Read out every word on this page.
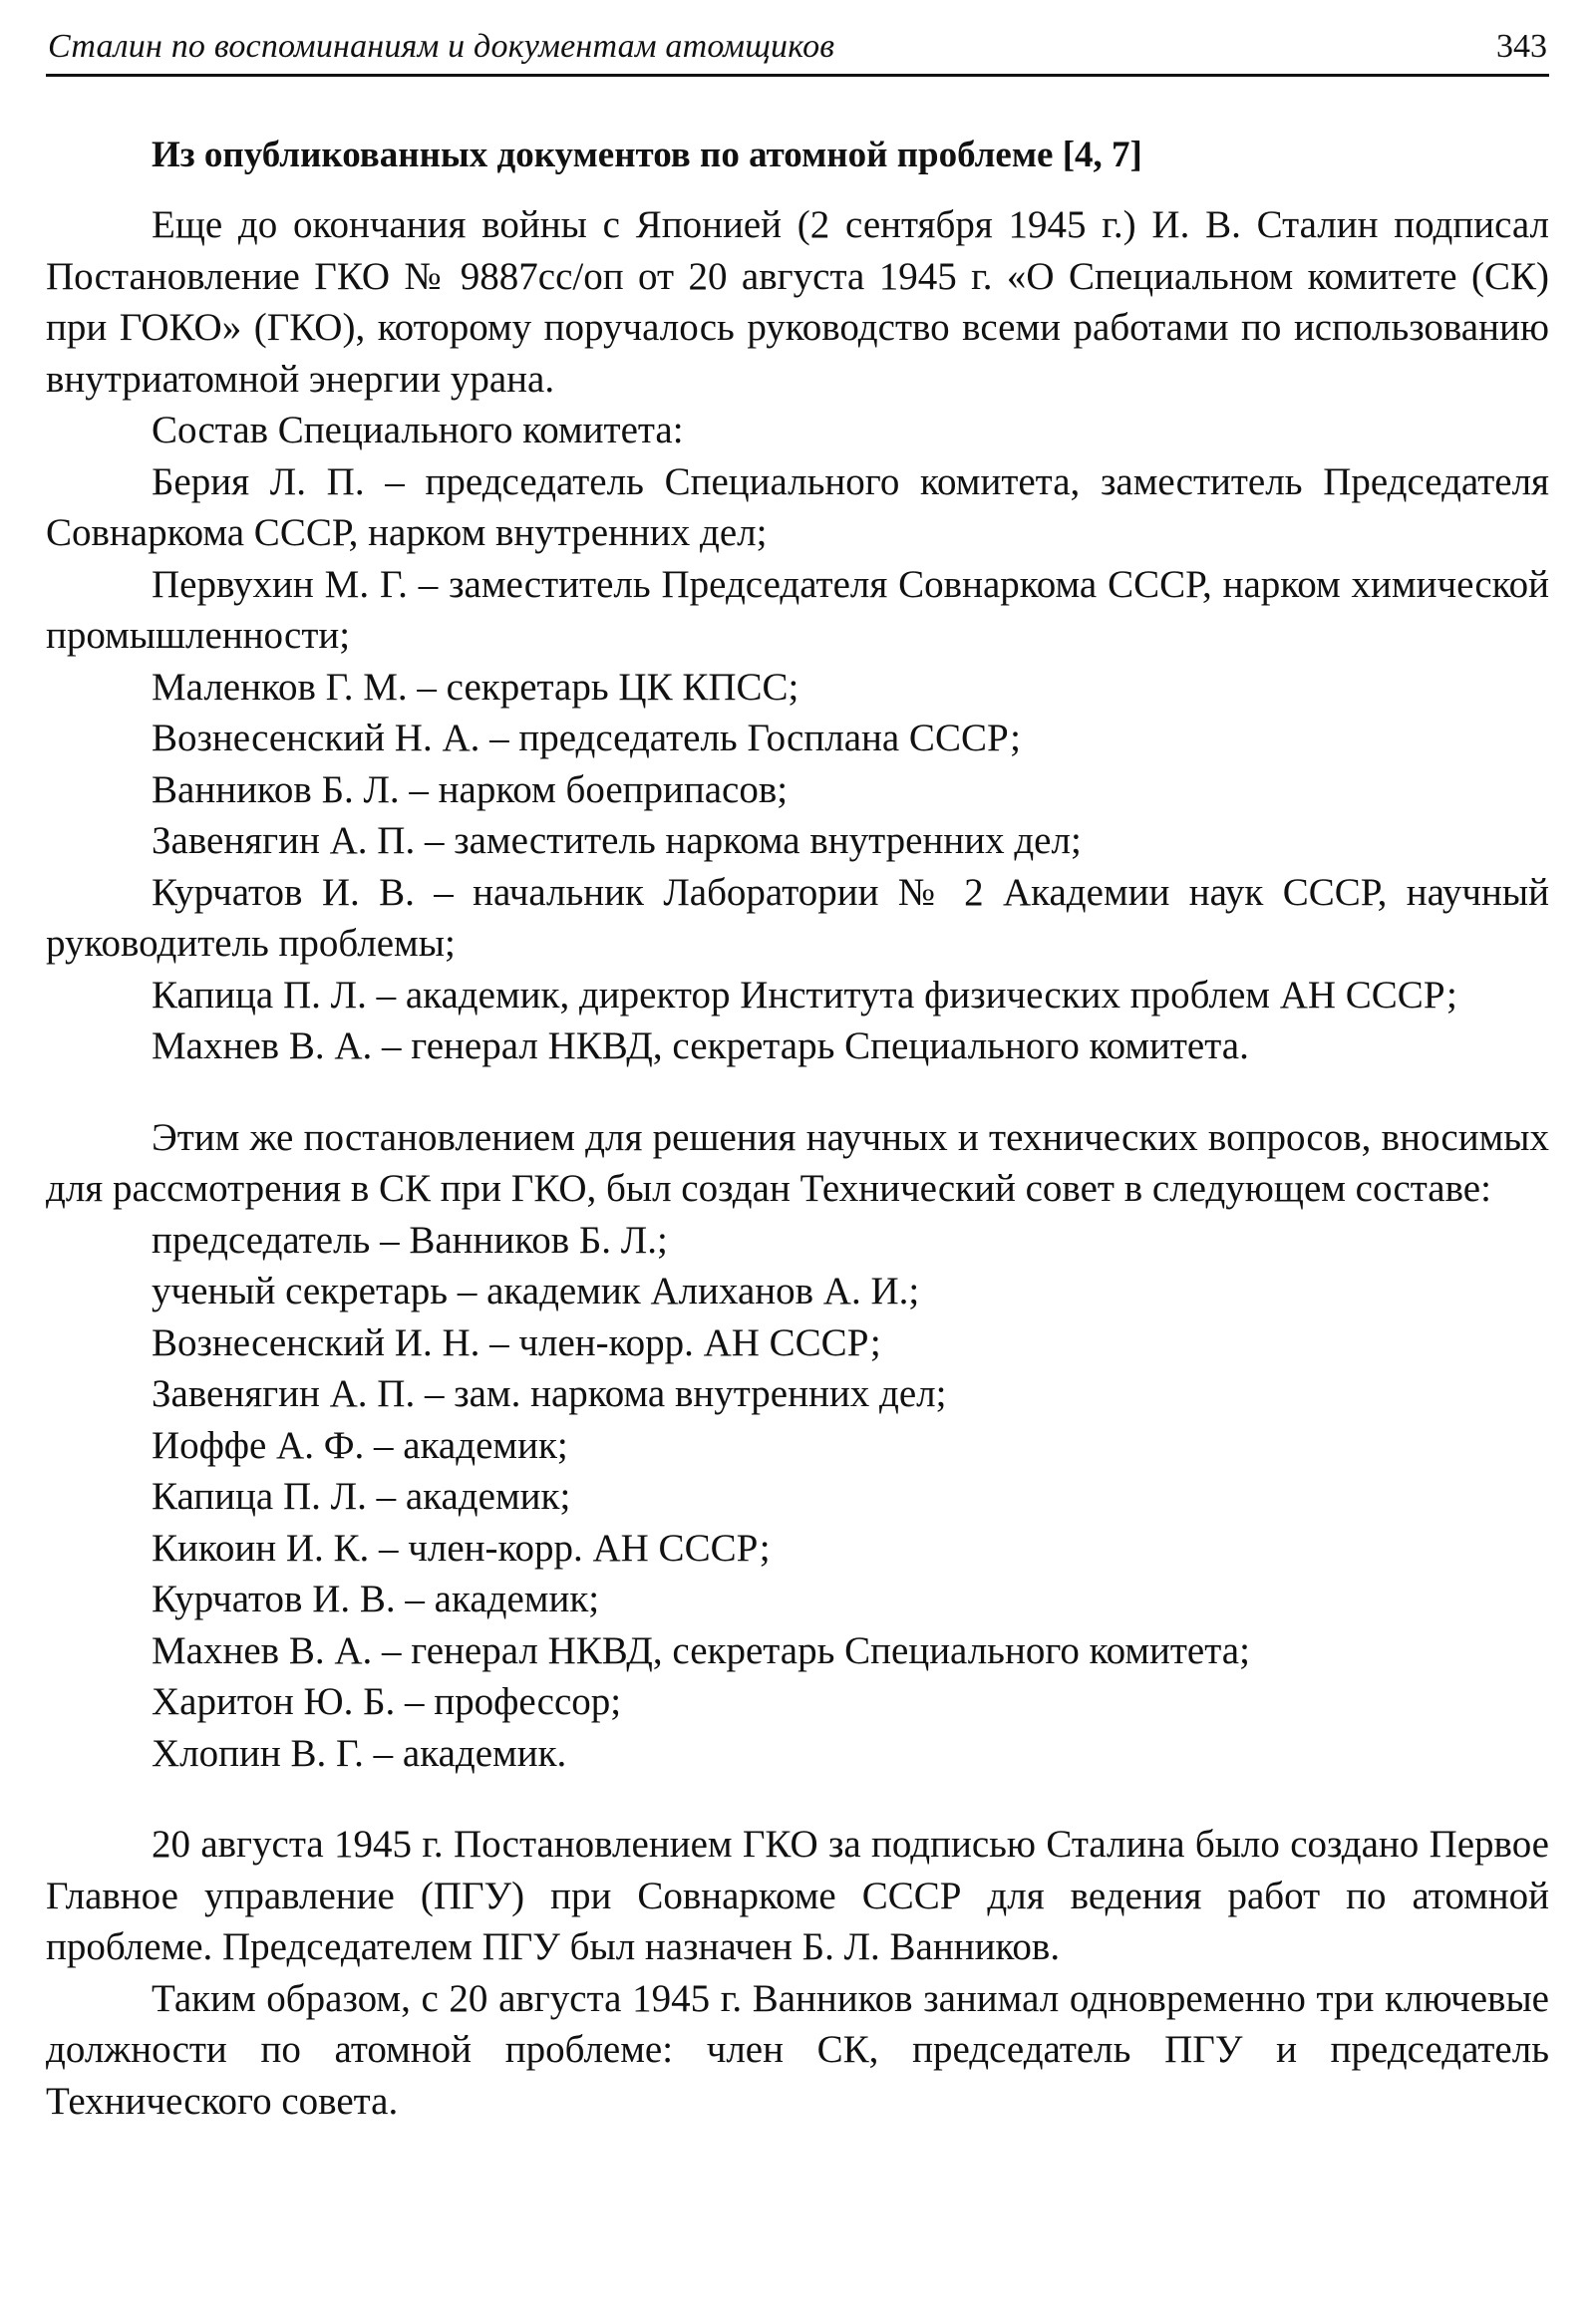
Сталин по воспоминаниям и документам атомщиков	343
Из опубликованных документов по атомной проблеме [4, 7]

Еще до окончания войны с Японией (2 сентября 1945 г.) И. В. Сталин подписал Постановление ГКО № 9887сс/оп от 20 августа 1945 г. «О Специальном комитете (СК) при ГОКО» (ГКО), которому поручалось руководство всеми работами по использованию внутриатомной энергии урана.

Состав Специального комитета:

Берия Л. П. – председатель Специального комитета, заместитель Председателя Совнаркома СССР, нарком внутренних дел;
Первухин М. Г. – заместитель Председателя Совнаркома СССР, нарком химической промышленности;
Маленков Г. М. – секретарь ЦК КПСС;
Вознесенский Н. А. – председатель Госплана СССР;
Ванников Б. Л. – нарком боеприпасов;
Завенягин А. П. – заместитель наркома внутренних дел;
Курчатов И. В. – начальник Лаборатории № 2 Академии наук СССР, научный руководитель проблемы;
Капица П. Л. – академик, директор Института физических проблем АН СССР;
Махнев В. А. – генерал НКВД, секретарь Специального комитета.

Этим же постановлением для решения научных и технических вопросов, вносимых для рассмотрения в СК при ГКО, был создан Технический совет в следующем составе:

председатель – Ванников Б. Л.;
ученый секретарь – академик Алиханов А. И.;
Вознесенский И. Н. – член-корр. АН СССР;
Завенягин А. П. – зам. наркома внутренних дел;
Иоффе А. Ф. – академик;
Капица П. Л. – академик;
Кикоин И. К. – член-корр. АН СССР;
Курчатов И. В. – академик;
Махнев В. А. – генерал НКВД, секретарь Специального комитета;
Харитон Ю. Б. – профессор;
Хлопин В. Г. – академик.

20 августа 1945 г. Постановлением ГКО за подписью Сталина было создано Первое Главное управление (ПГУ) при Совнаркоме СССР для ведения работ по атомной проблеме. Председателем ПГУ был назначен Б. Л. Ванников.

Таким образом, с 20 августа 1945 г. Ванников занимал одновременно три ключевые должности по атомной проблеме: член СК, председатель ПГУ и председатель Технического совета.
